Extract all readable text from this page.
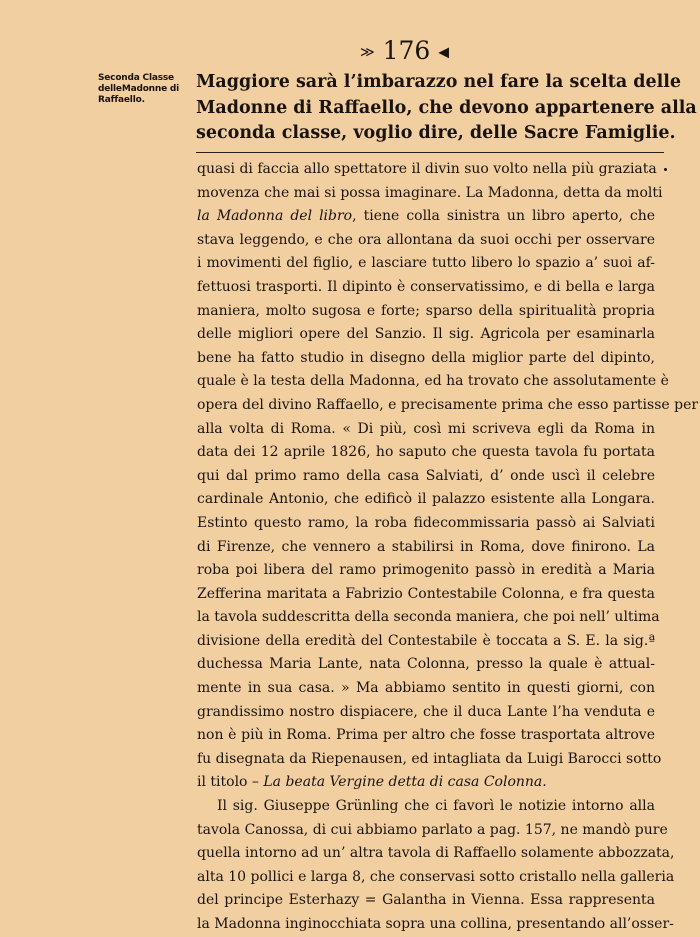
≫ 176 ◀
Seconda Classe
delleMadonne di
Raffaello.
Maggiore sarà l’imbarazzo nel fare la scelta delle
Madonne di Raffaello, che devono appartenere alla
seconda classe, voglio dire, delle Sacre Famiglie.
quasi di faccia allo spettatore il divin suo volto nella più graziata
movenza che mai si possa imaginare. La Madonna, detta da molti
la Madonna del libro, tiene colla sinistra un libro aperto, che
stava leggendo, e che ora allontana da suoi occhi per osservare
i movimenti del figlio, e lasciare tutto libero lo spazio a’ suoi af-
fettuosi trasporti. Il dipinto è conservatissimo, e di bella e larga
maniera, molto sugosa e forte; sparso della spiritualità propria
delle migliori opere del Sanzio. Il sig. Agricola per esaminarla
bene ha fatto studio in disegno della miglior parte del dipinto,
quale è la testa della Madonna, ed ha trovato che assolutamente è
opera del divino Raffaello, e precisamente prima che esso partisse per
alla volta di Roma. « Di più, così mi scriveva egli da Roma in
data dei 12 aprile 1826, ho saputo che questa tavola fu portata
qui dal primo ramo della casa Salviati, d’ onde uscì il celebre
cardinale Antonio, che edificò il palazzo esistente alla Longara.
Estinto questo ramo, la roba fidecommissaria passò ai Salviati
di Firenze, che vennero a stabilirsi in Roma, dove finirono. La
roba poi libera del ramo primogenito passò in eredità a Maria
Zefferina maritata a Fabrizio Contestabile Colonna, e fra questa
la tavola suddescritta della seconda maniera, che poi nell’ ultima
divisione della eredità del Contestabile è toccata a S. E. la sig.ª
duchessa Maria Lante, nata Colonna, presso la quale è attual-
mente in sua casa. » Ma abbiamo sentito in questi giorni, con
grandissimo nostro dispiacere, che il duca Lante l’ha venduta e
non è più in Roma. Prima per altro che fosse trasportata altrove
fu disegnata da Riepenausen, ed intagliata da Luigi Barocci sotto
il titolo – La beata Vergine detta di casa Colonna.
Il sig. Giuseppe Grünling che ci favorì le notizie intorno alla
tavola Canossa, di cui abbiamo parlato a pag. 157, ne mandò pure
quella intorno ad un’ altra tavola di Raffaello solamente abbozzata,
alta 10 pollici e larga 8, che conservasi sotto cristallo nella galleria
del principe Esterhazy = Galantha in Vienna. Essa rappresenta
la Madonna inginocchiata sopra una collina, presentando all’osser-
